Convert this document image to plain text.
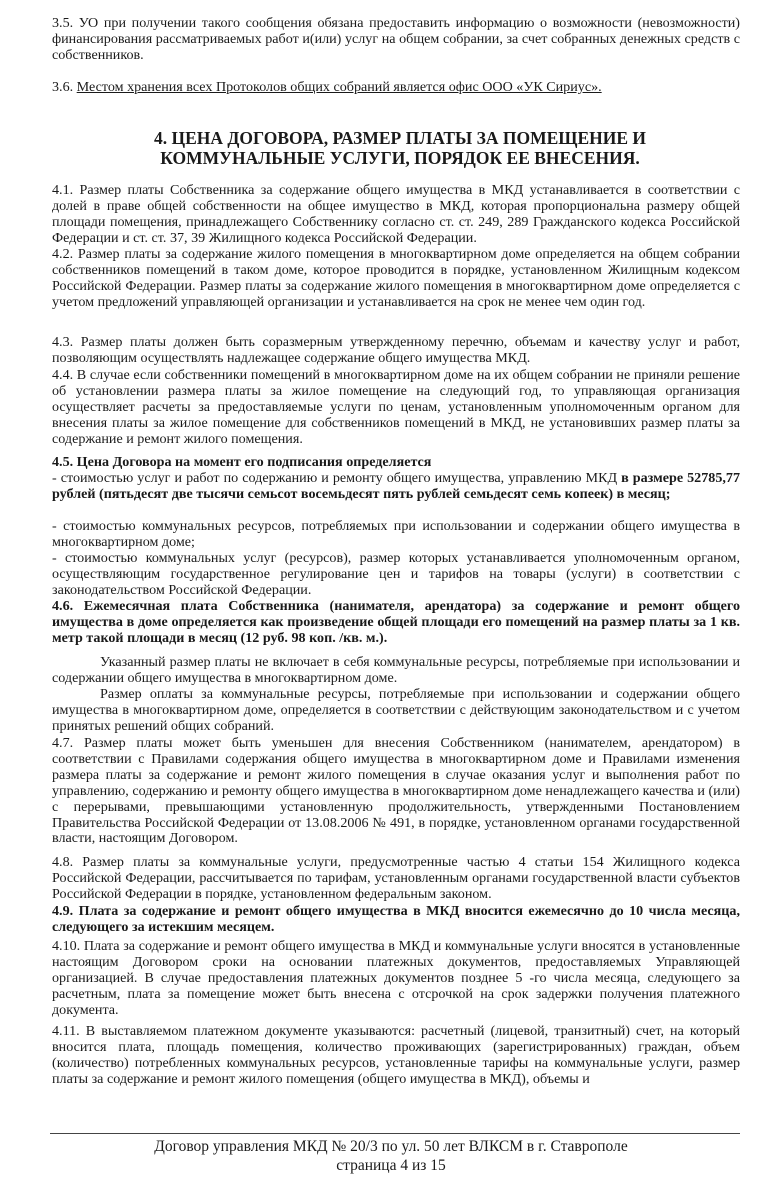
3.5. УО при получении такого сообщения обязана предоставить информацию о возможности (невозможности) финансирования рассматриваемых работ и(или) услуг на общем собрании, за счет собранных денежных средств с собственников.

3.6. Местом хранения всех Протоколов общих собраний является офис ООО «УК Сириус».

4. ЦЕНА ДОГОВОРА, РАЗМЕР ПЛАТЫ ЗА ПОМЕЩЕНИЕ И
КОММУНАЛЬНЫЕ УСЛУГИ, ПОРЯДОК ЕЕ ВНЕСЕНИЯ.

4.1. Размер платы Собственника за содержание общего имущества в МКД устанавливается в соответствии с долей в праве общей собственности на общее имущество в МКД, которая пропорциональна размеру общей площади помещения, принадлежащего Собственнику согласно ст. ст. 249, 289 Гражданского кодекса Российской Федерации и ст. ст. 37, 39 Жилищного кодекса Российской Федерации.

4.2. Размер платы за содержание жилого помещения в многоквартирном доме определяется на общем собрании собственников помещений в таком доме, которое проводится в порядке, установленном Жилищным кодексом Российской Федерации. Размер платы за содержание жилого помещения в многоквартирном доме определяется с учетом предложений управляющей организации и устанавливается на срок не менее чем один год.

4.3. Размер платы должен быть соразмерным утвержденному перечню, объемам и качеству услуг и работ, позволяющим осуществлять надлежащее содержание общего имущества МКД.

4.4. В случае если собственники помещений в многоквартирном доме на их общем собрании не приняли решение об установлении размера платы за жилое помещение на следующий год, то управляющая организация осуществляет расчеты за предоставляемые услуги по ценам, установленным уполномоченным органом для внесения платы за жилое помещение для собственников помещений в МКД, не установивших размер платы за содержание и ремонт жилого помещения.

4.5. Цена Договора на момент его подписания определяется

- стоимостью услуг и работ по содержанию и ремонту общего имущества, управлению МКД в размере 52785,77 рублей (пятьдесят две тысячи семьсот восемьдесят пять рублей семьдесят семь копеек) в месяц;

- стоимостью коммунальных ресурсов, потребляемых при использовании и содержании общего имущества в многоквартирном доме;

- стоимостью коммунальных услуг (ресурсов), размер которых устанавливается уполномоченным органом, осуществляющим государственное регулирование цен и тарифов на товары (услуги) в соответствии с законодательством Российской Федерации.

4.6. Ежемесячная плата Собственника (нанимателя, арендатора) за содержание и ремонт общего имущества в доме определяется как произведение общей площади его помещений на размер платы за 1 кв. метр такой площади в месяц (12 руб. 98 коп. /кв. м.).

Указанный размер платы не включает в себя коммунальные ресурсы, потребляемые при использовании и содержании общего имущества в многоквартирном доме.

Размер оплаты за коммунальные ресурсы, потребляемые при использовании и содержании общего имущества в многоквартирном доме, определяется в соответствии с действующим законодательством и с учетом принятых решений общих собраний.

4.7. Размер платы может быть уменьшен для внесения Собственником (нанимателем, арендатором) в соответствии с Правилами содержания общего имущества в многоквартирном доме и Правилами изменения размера платы за содержание и ремонт жилого помещения в случае оказания услуг и выполнения работ по управлению, содержанию и ремонту общего имущества в многоквартирном доме ненадлежащего качества и (или) с перерывами, превышающими установленную продолжительность, утвержденными Постановлением Правительства Российской Федерации от 13.08.2006 № 491, в порядке, установленном органами государственной власти, настоящим Договором.

4.8. Размер платы за коммунальные услуги, предусмотренные частью 4 статьи 154 Жилищного кодекса Российской Федерации, рассчитывается по тарифам, установленным органами государственной власти субъектов Российской Федерации в порядке, установленном федеральным законом.

4.9. Плата за содержание и ремонт общего имущества в МКД вносится ежемесячно до 10 числа месяца, следующего за истекшим месяцем.

4.10. Плата за содержание и ремонт общего имущества в МКД и коммунальные услуги вносятся в установленные настоящим Договором сроки на основании платежных документов, предоставляемых Управляющей организацией. В случае предоставления платежных документов позднее 5 -го числа месяца, следующего за расчетным, плата за помещение может быть внесена с отсрочкой на срок задержки получения платежного документа.

4.11. В выставляемом платежном документе указываются: расчетный (лицевой, транзитный) счет, на который вносится плата, площадь помещения, количество проживающих (зарегистрированных) граждан, объем (количество) потребленных коммунальных ресурсов, установленные тарифы на коммунальные услуги, размер платы за содержание и ремонт жилого помещения (общего имущества в МКД), объемы и

Договор управления МКД № 20/3 по ул. 50 лет ВЛКСМ в г. Ставрополе
страница 4 из 15
